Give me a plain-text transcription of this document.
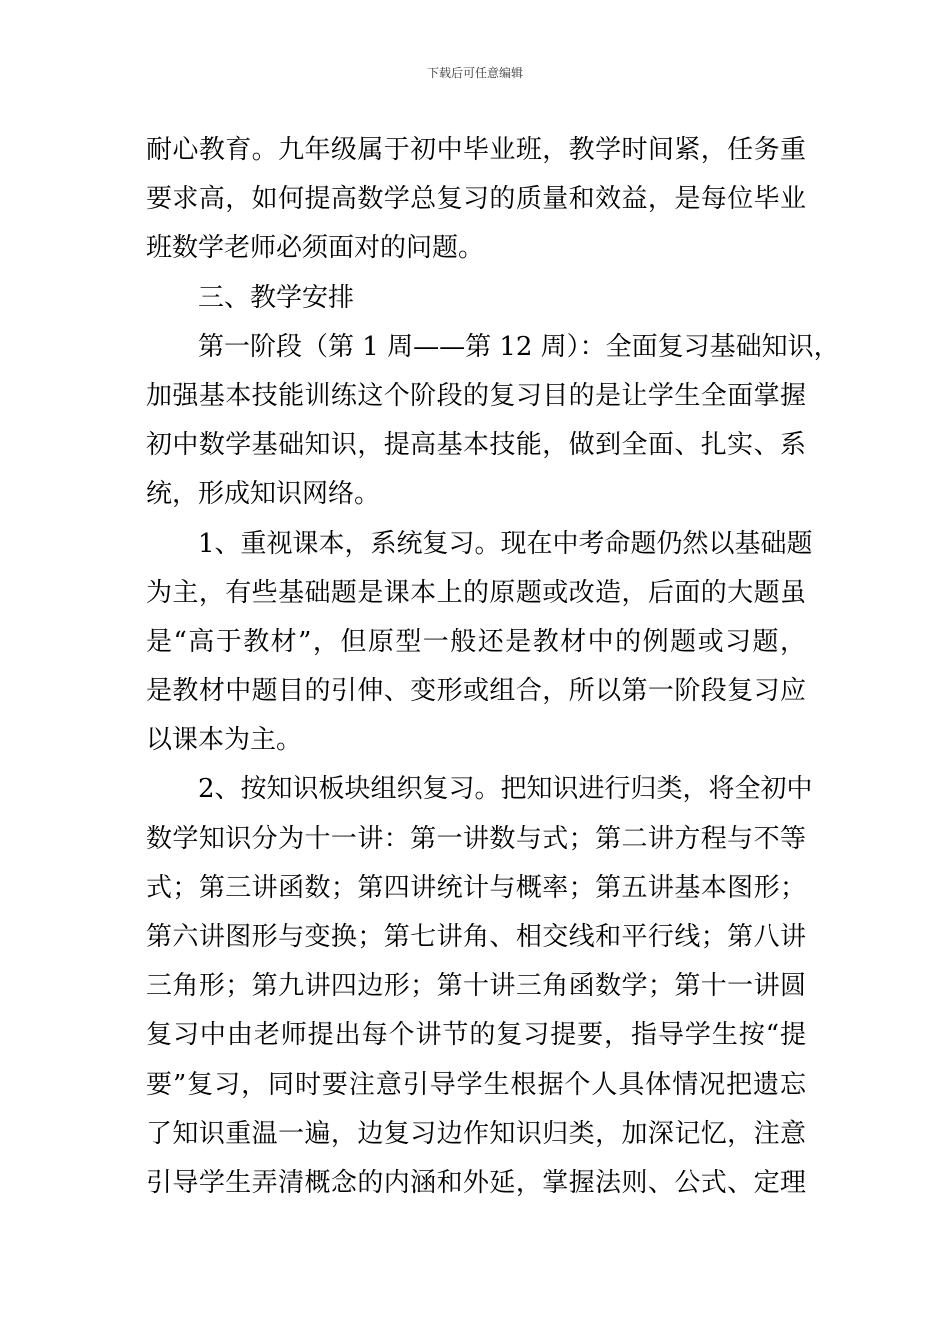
下载后可任意编辑
耐心教育。九年级属于初中毕业班，教学时间紧，任务重
要求高，如何提高数学总复习的质量和效益，是每位毕业
班数学老师必须面对的问题。
三、教学安排
第一阶段（第 1 周——第 12 周）：全面复习基础知识，
加强基本技能训练这个阶段的复习目的是让学生全面掌握
初中数学基础知识，提高基本技能，做到全面、扎实、系
统，形成知识网络。
1、重视课本，系统复习。现在中考命题仍然以基础题
为主，有些基础题是课本上的原题或改造，后面的大题虽
是“高于教材”，但原型一般还是教材中的例题或习题，
是教材中题目的引伸、变形或组合，所以第一阶段复习应
以课本为主。
2、按知识板块组织复习。把知识进行归类，将全初中
数学知识分为十一讲：第一讲数与式；第二讲方程与不等
式；第三讲函数；第四讲统计与概率；第五讲基本图形；
第六讲图形与变换；第七讲角、相交线和平行线；第八讲
三角形；第九讲四边形；第十讲三角函数学；第十一讲圆
复习中由老师提出每个讲节的复习提要，指导学生按“提
要”复习，同时要注意引导学生根据个人具体情况把遗忘
了知识重温一遍，边复习边作知识归类，加深记忆，注意
引导学生弄清概念的内涵和外延，掌握法则、公式、定理
